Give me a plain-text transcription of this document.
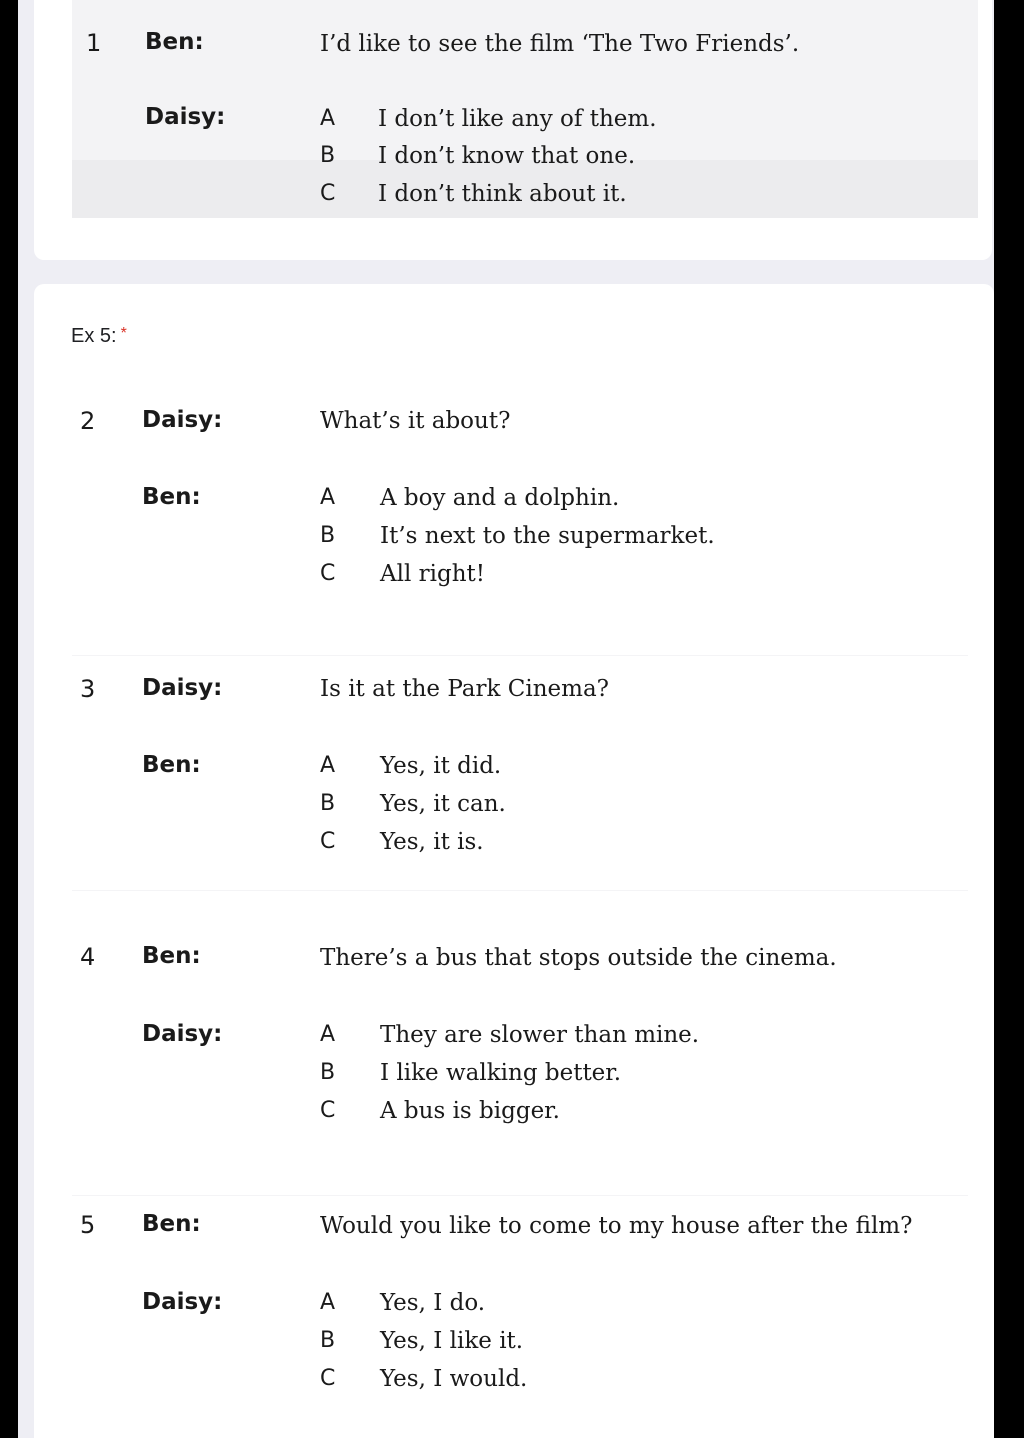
1 Ben:	I’d like to see the film ‘The Two Friends’.
Daisy:	A I don’t like any of them.
B I don’t know that one.
C I don’t think about it.
Ex 5: *
2 Daisy:	What’s it about?
Ben:	A A boy and a dolphin.
B It’s next to the supermarket.
C All right!
3 Daisy:	Is it at the Park Cinema?
Ben:	A Yes, it did.
B Yes, it can.
C Yes, it is.
4 Ben:	There’s a bus that stops outside the cinema.
Daisy:	A They are slower than mine.
B I like walking better.
C A bus is bigger.
5 Ben:	Would you like to come to my house after the film?
Daisy:	A Yes, I do.
B Yes, I like it.
C Yes, I would.
